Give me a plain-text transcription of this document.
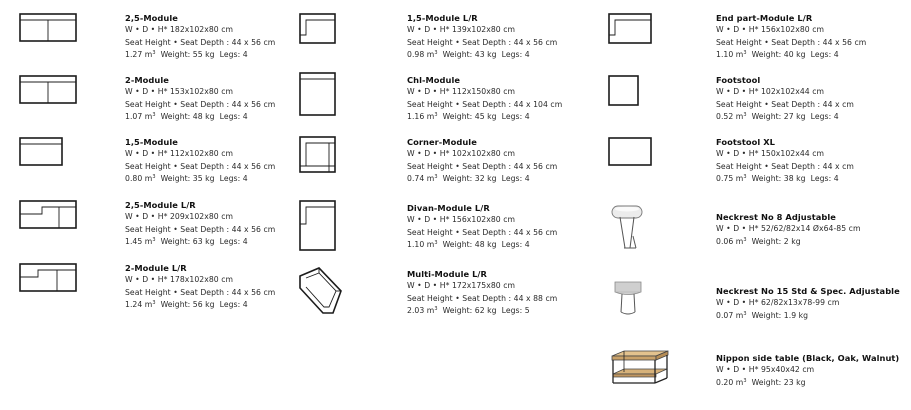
2,5-Module
W • D • H* 182x102x80 cm
Seat Height • Seat Depth : 44 x 56 cm
1.27 $m^3$ Weight: 55 kg Legs: 4
2-Module
W • D • H* 153x102x80 cm
Seat Height • Seat Depth : 44 x 56 cm
1.07 $m^3$ Weight: 48 kg Legs: 4
1,5-Module
W • D • H* 112x102x80 cm
Seat Height • Seat Depth : 44 x 56 cm
0.80 $m^3$ Weight: 35 kg Legs: 4
2,5-Module L/R
W • D • H* 209x102x80 cm
Seat Height • Seat Depth : 44 x 56 cm
1.45 $m^3$ Weight: 63 kg Legs: 4
2-Module L/R
W • D • H* 178x102x80 cm
Seat Height • Seat Depth : 44 x 56 cm
1.24 $m^3$ Weight: 56 kg Legs: 4
1,5-Module L/R
W • D • H* 139x102x80 cm
Seat Height • Seat Depth : 44 x 56 cm
0.98 $m^3$ Weight: 43 kg Legs: 4
Chl-Module
W • D • H* 112x150x80 cm
Seat Height • Seat Depth : 44 x 104 cm
1.16 $m^3$ Weight: 45 kg Legs: 4
Corner-Module
W • D • H* 102x102x80 cm
Seat Height • Seat Depth : 44 x 56 cm
0.74 $m^3$ Weight: 32 kg Legs: 4
Divan-Module L/R
W • D • H* 156x102x80 cm
Seat Height • Seat Depth : 44 x 56 cm
1.10 $m^3$ Weight: 48 kg Legs: 4
Multi-Module L/R
W • D • H* 172x175x80 cm
Seat Height • Seat Depth : 44 x 88 cm
2.03 $m^3$ Weight: 62 kg Legs: 5
End part-Module L/R
W • D • H* 156x102x80 cm
Seat Height • Seat Depth : 44 x 56 cm
1.10 $m^3$ Weight: 40 kg Legs: 4
Footstool
W • D • H* 102x102x44 cm
Seat Height • Seat Depth : 44 x cm
0.52 $m^3$ Weight: 27 kg Legs: 4
Footstool XL
W • D • H* 150x102x44 cm
Seat Height • Seat Depth : 44 x cm
0.75 $m^3$ Weight: 38 kg Legs: 4
Neckrest No 8 Adjustable
W • D • H* 52/62/82x14 Øx64-85 cm
0.06 $m^3$ Weight: 2 kg
Neckrest No 15 Std & Spec. Adjustable
W • D • H* 62/82x13x78-99 cm
0.07 $m^3$ Weight: 1.9 kg
Nippon side table (Black, Oak, Walnut)
W • D • H* 95x40x42 cm
0.20 $m^3$ Weight: 23 kg
